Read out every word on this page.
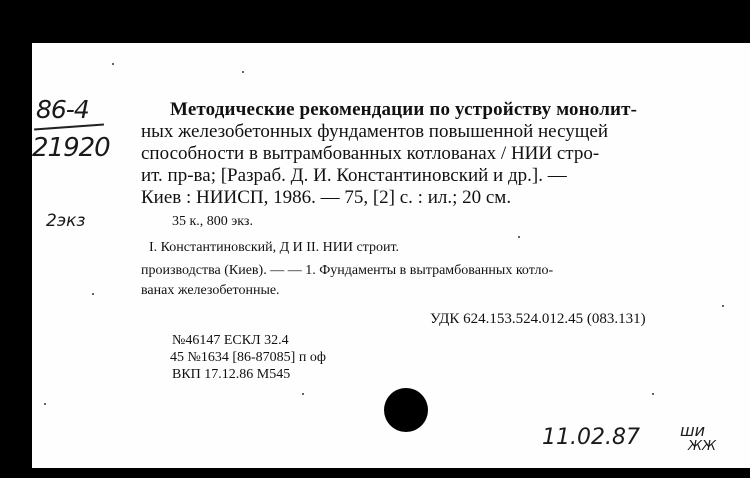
86-4
21920
2экз
Методические рекомендации по устройству монолит-
ных железобетонных фундаментов повышенной несущей
способности в вытрамбованных котлованах / НИИ стро-
ит. пр-ва; [Разраб. Д. И. Константиновский и др.]. —
Киев : НИИСП, 1986. — 75, [2] с. : ил.; 20 см.
35 к., 800 экз.
I. Константиновский, Д И II. НИИ строит.
производства (Киев). — — 1. Фундаменты в вытрамбованных котло-
ванах железобетонные.
УДК 624.153.524.012.45 (083.131)
№46147 ЕСКЛ 32.4
45 №1634 [86-87085] п оф
ВКП 17.12.86 М545
11.02.87	ши
ЖЖ
